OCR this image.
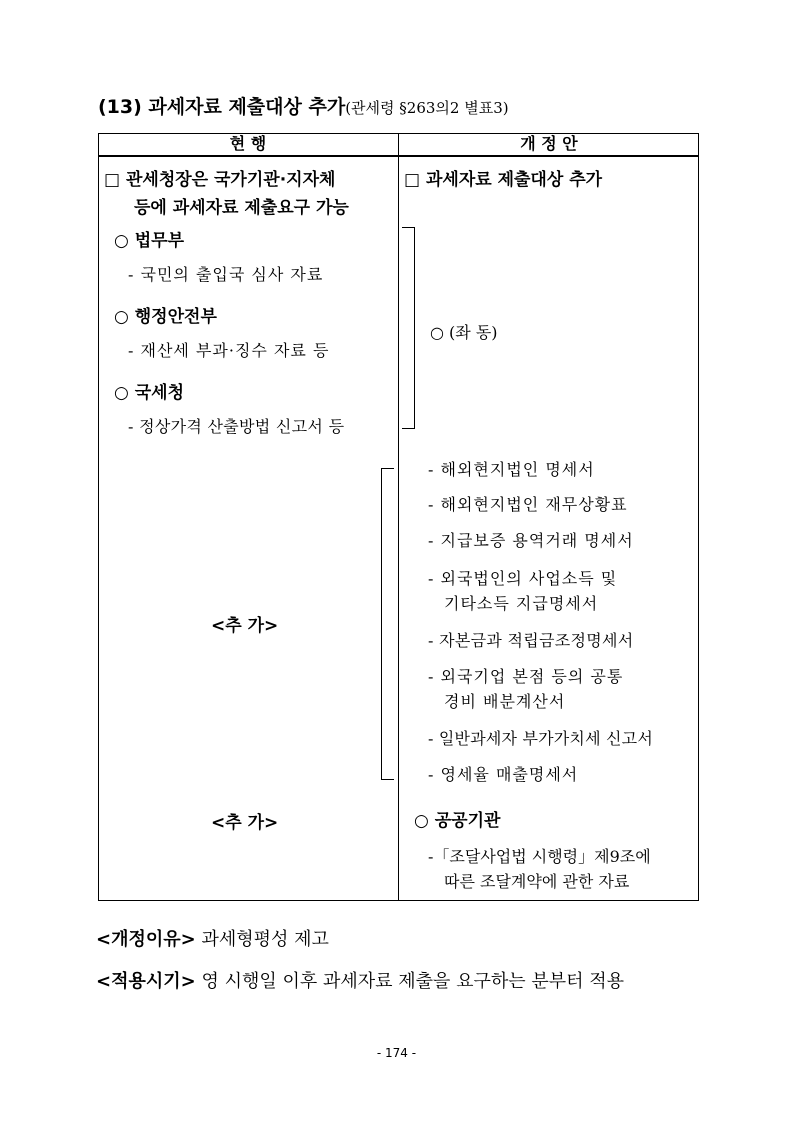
(13) 과세자료 제출대상 추가(관세령 §263의2 별표3)
현 행	개 정 안
□ 관세청장은 국가기관·지자체
등에 과세자료 제출요구 가능
○ 법무부
- 국민의 출입국 심사 자료
○ 행정안전부
- 재산세 부과·징수 자료 등
○ 국세청
- 정상가격 산출방법 신고서 등
<추 가>
<추 가>
□ 과세자료 제출대상 추가
○ (좌 동)
- 해외현지법인 명세서
- 해외현지법인 재무상황표
- 지급보증 용역거래 명세서
- 외국법인의 사업소득 및
기타소득 지급명세서
- 자본금과 적립금조정명세서
- 외국기업 본점 등의 공통
경비 배분계산서
- 일반과세자 부가가치세 신고서
- 영세율 매출명세서
○ 공공기관
-「조달사업법 시행령」제9조에
따른 조달계약에 관한 자료
<개정이유> 과세형평성 제고
<적용시기> 영 시행일 이후 과세자료 제출을 요구하는 분부터 적용
- 174 -
